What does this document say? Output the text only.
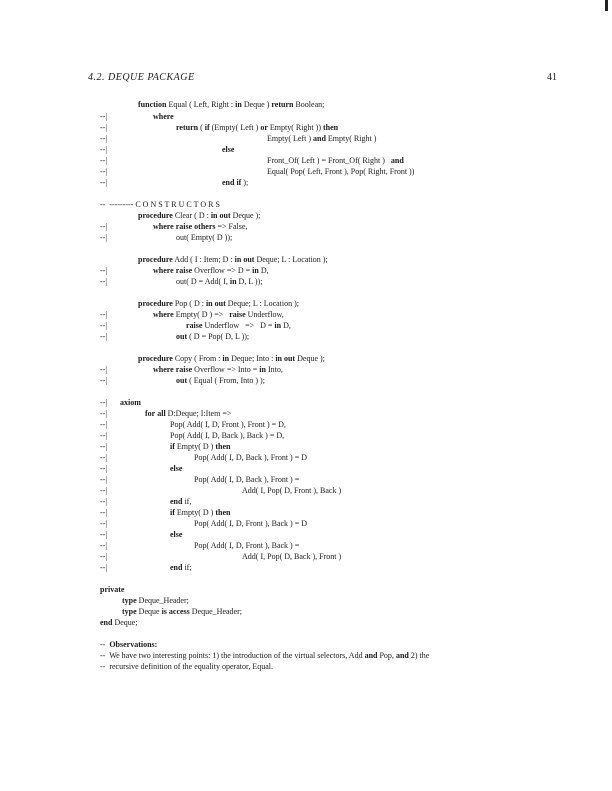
4.2. DEQUE PACKAGE	41
function Equal ( Left, Right : in Deque ) return Boolean;
--|	where
--|	return ( if (Empty( Left ) or Empty( Right )) then
--|	Empty( Left ) and Empty( Right )
--|	else
--|	Front_Of( Left ) = Front_Of( Right ) and
--|	Equal( Pop( Left, Front ), Pop( Right, Front ))
--|	end if );
-- --------- C O N S T R U C T O R S
procedure Clear ( D : in out Deque );
--|	where raise others => False,
--|	out( Empty( D ));
procedure Add ( I : Item; D : in out Deque; L : Location );
--|	where raise Overflow => D = in D,
--|	out( D = Add( I, in D, L ));
procedure Pop ( D : in out Deque; L : Location );
--|	where Empty( D ) => raise Underflow,
--|	raise Underflow => D = in D,
--|	out ( D = Pop( D, L ));
procedure Copy ( From : in Deque; Into : in out Deque );
--|	where raise Overflow => Into = in Into,
--|	out ( Equal ( From, Into ) );
--| axiom
--|	for all D:Deque; I:Item =>
--|	Pop( Add( I, D, Front ), Front ) = D,
--|	Pop( Add( I, D, Back ), Back ) = D,
--|	if Empty( D ) then
--|	Pop( Add( I, D, Back ), Front ) = D
--|	else
--|	Pop( Add( I, D, Back ), Front ) =
--|	Add( I, Pop( D, Front ), Back )
--|	end if,
--|	if Empty( D ) then
--|	Pop( Add( I, D, Front ), Back ) = D
--|	else
--|	Pop( Add( I, D, Front ), Back ) =
--|	Add( I, Pop( D, Back ), Front )
--|	end if;
private
type Deque_Header;
type Deque is access Deque_Header;
end Deque;
-- Observations:
-- We have two interesting points: 1) the introduction of the virtual selectors, Add and Pop, and 2) the
-- recursive definition of the equality operator, Equal.
